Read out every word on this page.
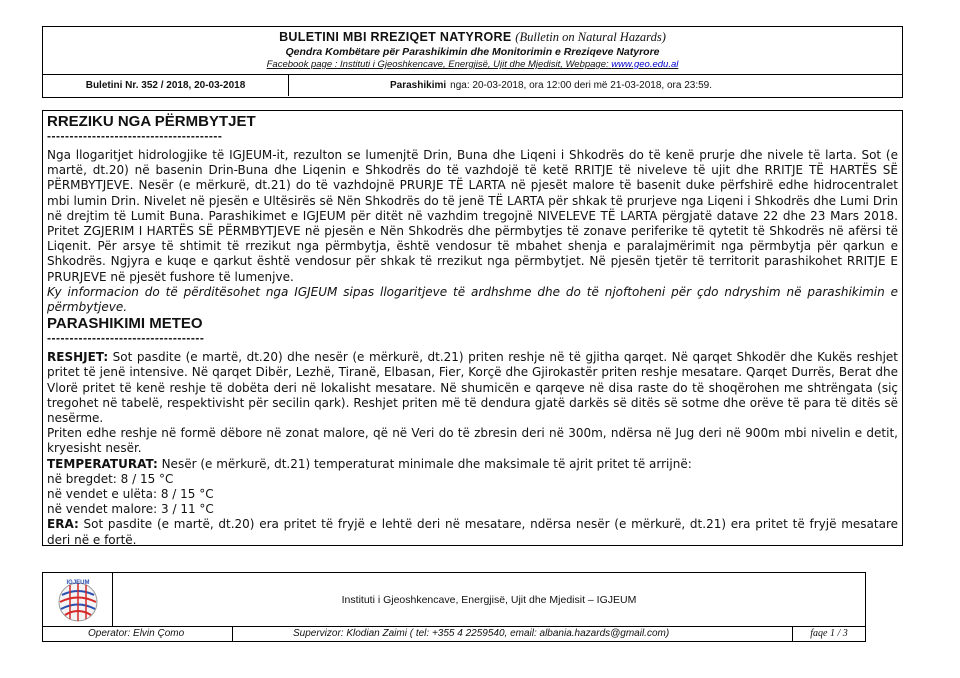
BULETINI MBI RREZIQET NATYRORE (Bulletin on Natural Hazards)
Qendra Kombëtare për Parashikimin dhe Monitorimin e Rreziqeve Natyrore
Facebook page : Instituti i Gjeoshkencave, Energjisë, Ujit dhe Mjedisit, Webpage: www.geo.edu.al
Buletini Nr. 352 / 2018, 20-03-2018	Parashikimi nga: 20-03-2018, ora 12:00 deri më 21-03-2018, ora 23:59.
RREZIKU NGA PËRMBYTJET
---------------------------------------
Nga llogaritjet hidrologjike të IGJEUM-it, rezulton se lumenjtë Drin, Buna dhe Liqeni i Shkodrës do të kenë prurje dhe nivele të larta. Sot (e martë, dt.20) në basenin Drin-Buna dhe Liqenin e Shkodrës do të vazhdojë të ketë RRITJE të niveleve të ujit dhe RRITJE TË HARTËS SË PËRMBYTJEVE. Nesër (e mërkurë, dt.21) do të vazhdojnë PRURJE TË LARTA në pjesët malore të basenit duke përfshirë edhe hidrocentralet mbi lumin Drin. Nivelet në pjesën e Ultësirës së Nën Shkodrës do të jenë TË LARTA për shkak të prurjeve nga Liqeni i Shkodrës dhe Lumi Drin në drejtim të Lumit Buna. Parashikimet e IGJEUM për ditët në vazhdim tregojnë NIVELEVE TË LARTA përgjatë datave 22 dhe 23 Mars 2018. Pritet ZGJERIM I HARTËS SË PËRMBYTJEVE në pjesën e Nën Shkodrës dhe përmbytjes të zonave periferike të qytetit të Shkodrës në afërsi të Liqenit. Për arsye të shtimit të rrezikut nga përmbytja, është vendosur të mbahet shenja e paralajmërimit nga përmbytja për qarkun e Shkodrës. Ngjyra e kuqe e qarkut është vendosur për shkak të rrezikut nga përmbytjet. Në pjesën tjetër të territorit parashikohet RRITJE E PRURJEVE në pjesët fushore të lumenjve.
Ky informacion do të përditësohet nga IGJEUM sipas llogaritjeve të ardhshme dhe do të njoftoheni për çdo ndryshim në parashikimin e përmbytjeve.
PARASHIKIMI METEO
-----------------------------------
RESHJET: Sot pasdite (e martë, dt.20) dhe nesër (e mërkurë, dt.21) priten reshje në të gjitha qarqet. Në qarqet Shkodër dhe Kukës reshjet pritet të jenë intensive. Në qarqet Dibër, Lezhë, Tiranë, Elbasan, Fier, Korçë dhe Gjirokastër priten reshje mesatare. Qarqet Durrës, Berat dhe Vlorë pritet të kenë reshje të dobëta deri në lokalisht mesatare. Në shumicën e qarqeve në disa raste do të shoqërohen me shtrëngata (siç tregohet në tabelë, respektivisht për secilin qark). Reshjet priten më të dendura gjatë darkës së ditës së sotme dhe orëve të para të ditës së nesërme.
Priten edhe reshje në formë dëbore në zonat malore, që në Veri do të zbresin deri në 300m, ndërsa në Jug deri në 900m mbi nivelin e detit, kryesisht nesër.
TEMPERATURAT: Nesër (e mërkurë, dt.21) temperaturat minimale dhe maksimale të ajrit pritet të arrijnë:
në bregdet: 8 / 15 °C
në vendet e ulëta: 8 / 15 °C
në vendet malore: 3 / 11 °C
ERA: Sot pasdite (e martë, dt.20) era pritet të fryjë e lehtë deri në mesatare, ndërsa nesër (e mërkurë, dt.21) era pritet të fryjë mesatare deri në e fortë.
IGJEUM
Instituti i Gjeoshkencave, Energjisë, Ujit dhe Mjedisit – IGJEUM
Operator: Elvin Çomo	Supervizor: Klodian Zaimi ( tel: +355 4 2259540, email: albania.hazards@gmail.com)	faqe 1 / 3
